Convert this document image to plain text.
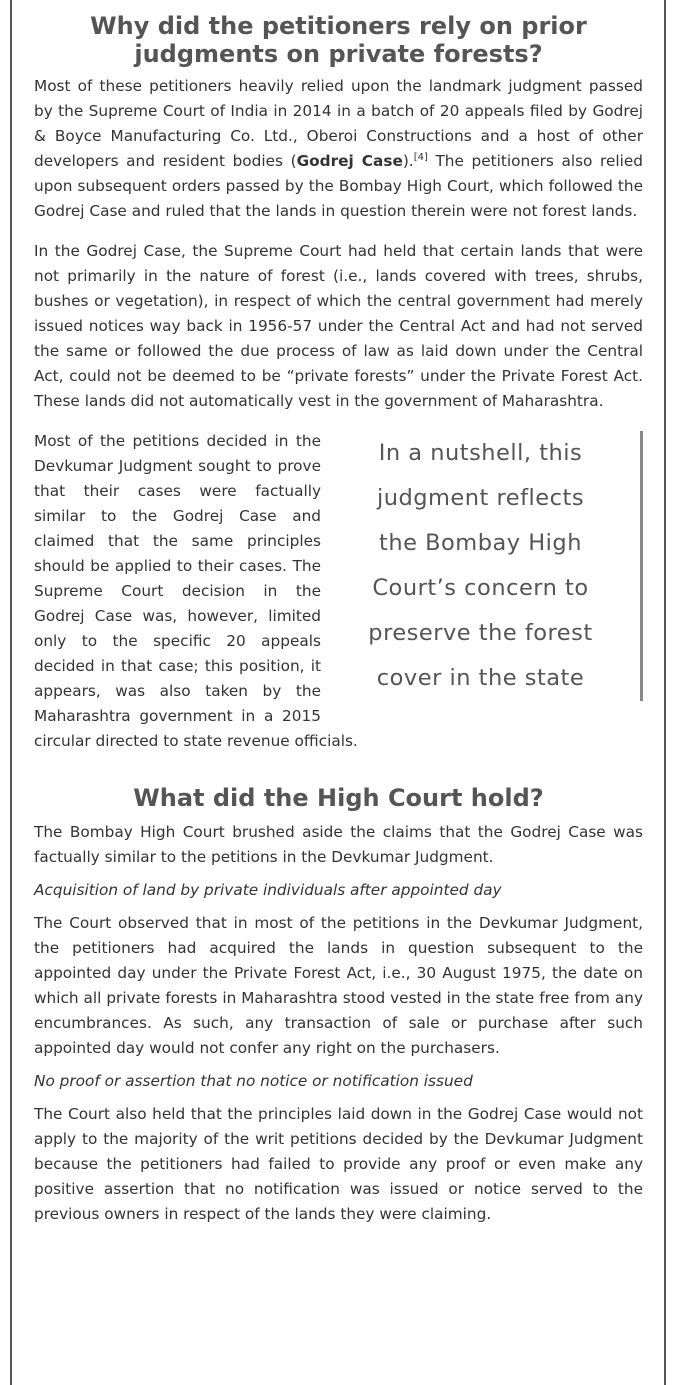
Why did the petitioners rely on prior
judgments on private forests?

Most of these petitioners heavily relied upon the landmark judgment passed by the Supreme Court of India in 2014 in a batch of 20 appeals filed by Godrej & Boyce Manufacturing Co. Ltd., Oberoi Constructions and a host of other developers and resident bodies (Godrej Case).[4] The petitioners also relied upon subsequent orders passed by the Bombay High Court, which followed the Godrej Case and ruled that the lands in question therein were not forest lands.

In the Godrej Case, the Supreme Court had held that certain lands that were not primarily in the nature of forest (i.e., lands covered with trees, shrubs, bushes or vegetation), in respect of which the central government had merely issued notices way back in 1956-57 under the Central Act and had not served the same or followed the due process of law as laid down under the Central Act, could not be deemed to be “private forests” under the Private Forest Act. These lands did not automatically vest in the government of Maharashtra.

In a nutshell, this
judgment reflects
the Bombay High
Court’s concern to
preserve the forest
cover in the state

Most of the petitions decided in the Devkumar Judgment sought to prove that their cases were factually similar to the Godrej Case and claimed that the same principles should be applied to their cases. The Supreme Court decision in the Godrej Case was, however, limited only to the specific 20 appeals decided in that case; this position, it appears, was also taken by the Maharashtra government in a 2015 circular directed to state revenue officials.

What did the High Court hold?

The Bombay High Court brushed aside the claims that the Godrej Case was factually similar to the petitions in the Devkumar Judgment.

Acquisition of land by private individuals after appointed day

The Court observed that in most of the petitions in the Devkumar Judgment, the petitioners had acquired the lands in question subsequent to the appointed day under the Private Forest Act, i.e., 30 August 1975, the date on which all private forests in Maharashtra stood vested in the state free from any encumbrances. As such, any transaction of sale or purchase after such appointed day would not confer any right on the purchasers.

No proof or assertion that no notice or notification issued

The Court also held that the principles laid down in the Godrej Case would not apply to the majority of the writ petitions decided by the Devkumar Judgment because the petitioners had failed to provide any proof or even make any positive assertion that no notification was issued or notice served to the previous owners in respect of the lands they were claiming.
